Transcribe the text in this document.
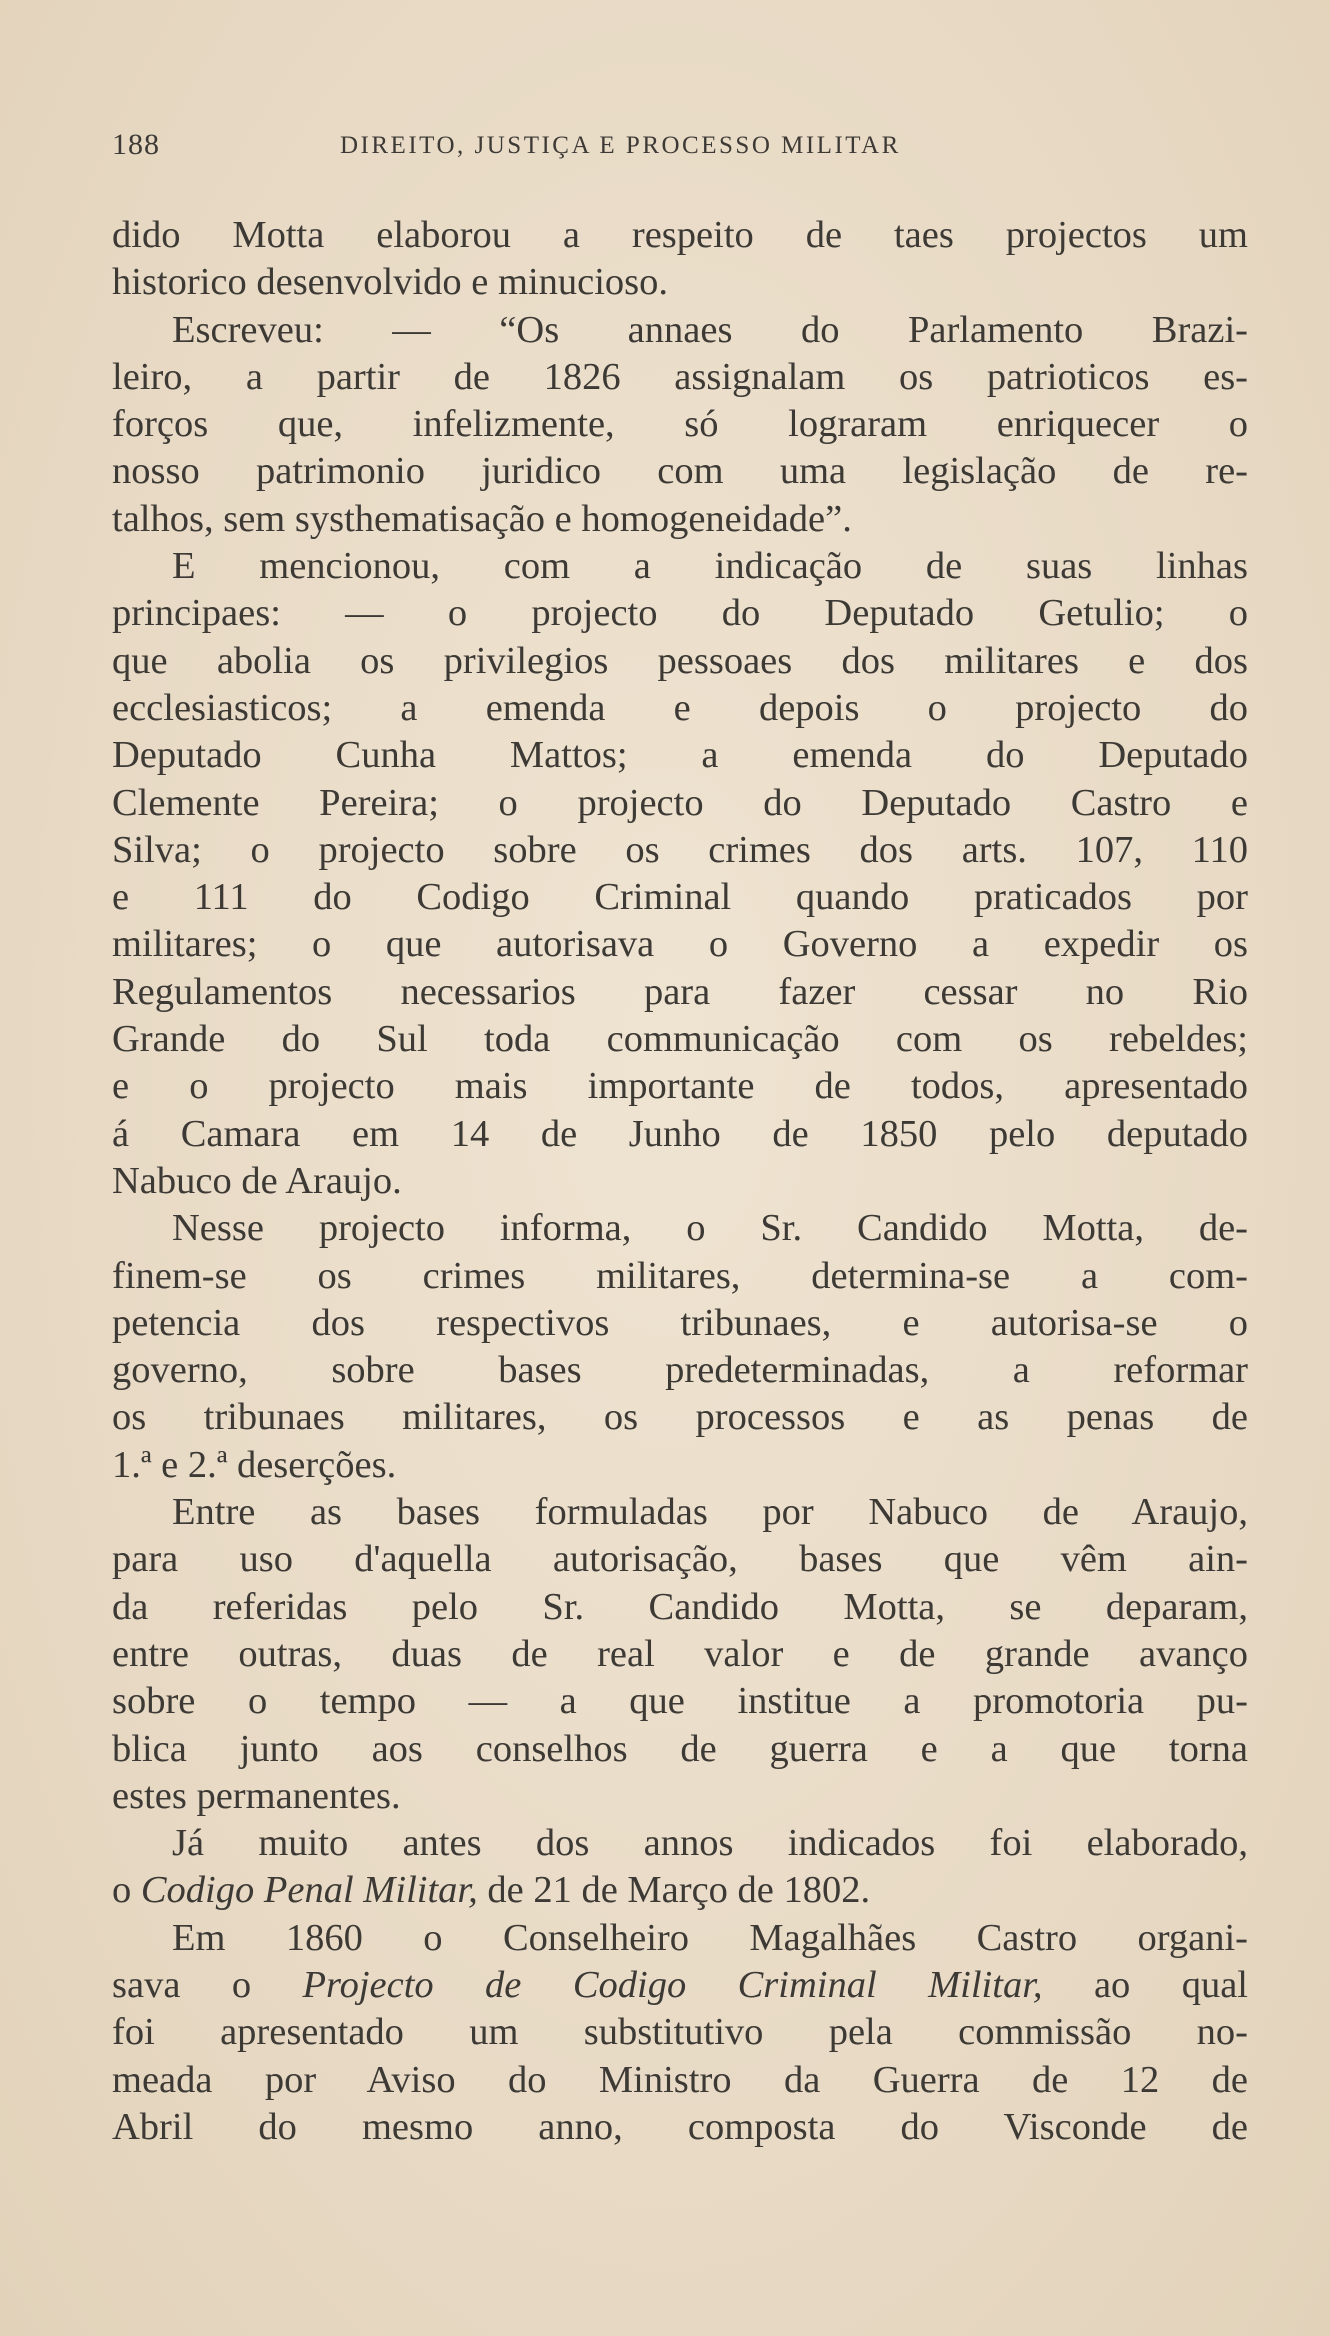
188	DIREITO, JUSTIÇA E PROCESSO MILITAR
dido Motta elaborou a respeito de taes projectos um
historico desenvolvido e minucioso.
Escreveu: — “Os annaes do Parlamento Brazi-
leiro, a partir de 1826 assignalam os patrioticos es-
forços que, infelizmente, só lograram enriquecer o
nosso patrimonio juridico com uma legislação de re-
talhos, sem systhematisação e homogeneidade”.
E mencionou, com a indicação de suas linhas
principaes: — o projecto do Deputado Getulio; o
que abolia os privilegios pessoaes dos militares e dos
ecclesiasticos; a emenda e depois o projecto do
Deputado Cunha Mattos; a emenda do Deputado
Clemente Pereira; o projecto do Deputado Castro e
Silva; o projecto sobre os crimes dos arts. 107, 110
e 111 do Codigo Criminal quando praticados por
militares; o que autorisava o Governo a expedir os
Regulamentos necessarios para fazer cessar no Rio
Grande do Sul toda communicação com os rebeldes;
e o projecto mais importante de todos, apresentado
á Camara em 14 de Junho de 1850 pelo deputado
Nabuco de Araujo.
Nesse projecto informa, o Sr. Candido Motta, de-
finem-se os crimes militares, determina-se a com-
petencia dos respectivos tribunaes, e autorisa-se o
governo, sobre bases predeterminadas, a reformar
os tribunaes militares, os processos e as penas de
1.ª e 2.ª deserções.
Entre as bases formuladas por Nabuco de Araujo,
para uso d'aquella autorisação, bases que vêm ain-
da referidas pelo Sr. Candido Motta, se deparam,
entre outras, duas de real valor e de grande avanço
sobre o tempo — a que institue a promotoria pu-
blica junto aos conselhos de guerra e a que torna
estes permanentes.
Já muito antes dos annos indicados foi elaborado,
o Codigo Penal Militar, de 21 de Março de 1802.
Em 1860 o Conselheiro Magalhães Castro organi-
sava o Projecto de Codigo Criminal Militar, ao qual
foi apresentado um substitutivo pela commissão no-
meada por Aviso do Ministro da Guerra de 12 de
Abril do mesmo anno, composta do Visconde de
